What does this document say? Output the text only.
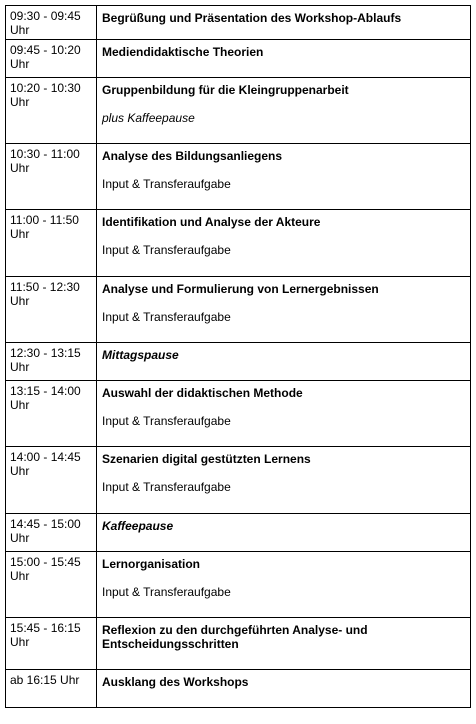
09:30 - 09:45 Uhr	Begrüßung und Präsentation des Workshop-Ablaufs

09:45 - 10:20 Uhr	Mediendidaktische Theorien

10:20 - 10:30 Uhr	Gruppenbildung für die Kleingruppenarbeit
plus Kaffeepause

10:30 - 11:00 Uhr	Analyse des Bildungsanliegens
Input & Transferaufgabe

11:00 - 11:50 Uhr	Identifikation und Analyse der Akteure
Input & Transferaufgabe

11:50 - 12:30 Uhr	Analyse und Formulierung von Lernergebnissen
Input & Transferaufgabe

12:30 - 13:15 Uhr	Mittagspause

13:15 - 14:00 Uhr	Auswahl der didaktischen Methode
Input & Transferaufgabe

14:00 - 14:45 Uhr	Szenarien digital gestützten Lernens
Input & Transferaufgabe

14:45 - 15:00 Uhr	Kaffeepause

15:00 - 15:45 Uhr	Lernorganisation
Input & Transferaufgabe

15:45 - 16:15 Uhr	Reflexion zu den durchgeführten Analyse- und Entscheidungsschritten

ab 16:15 Uhr	Ausklang des Workshops
